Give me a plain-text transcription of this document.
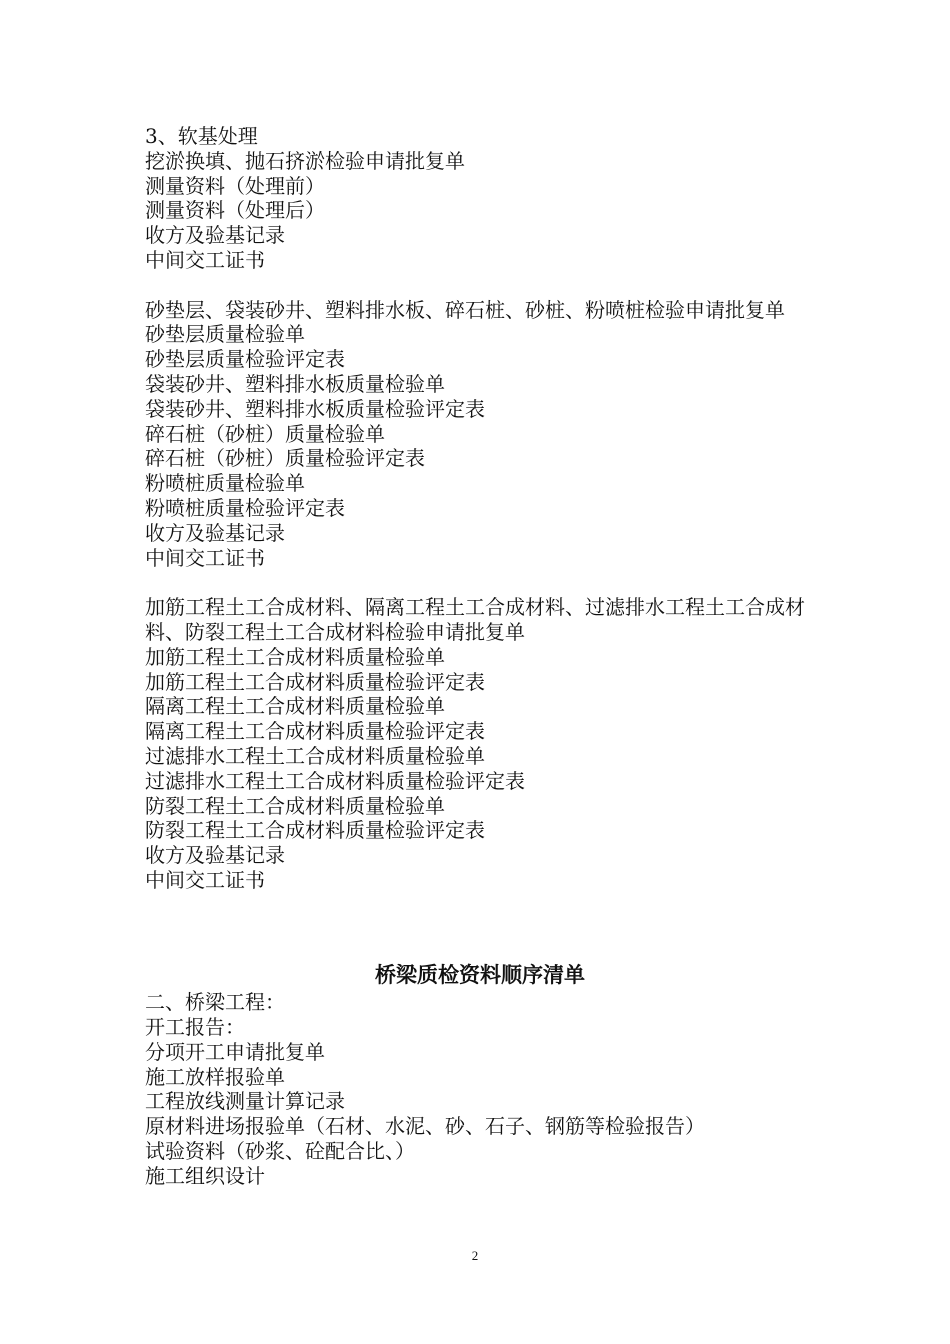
3、软基处理
挖淤换填、抛石挤淤检验申请批复单
测量资料（处理前）
测量资料（处理后）
收方及验基记录
中间交工证书
砂垫层、袋装砂井、塑料排水板、碎石桩、砂桩、粉喷桩检验申请批复单
砂垫层质量检验单
砂垫层质量检验评定表
袋装砂井、塑料排水板质量检验单
袋装砂井、塑料排水板质量检验评定表
碎石桩（砂桩）质量检验单
碎石桩（砂桩）质量检验评定表
粉喷桩质量检验单
粉喷桩质量检验评定表
收方及验基记录
中间交工证书
加筋工程土工合成材料、隔离工程土工合成材料、过滤排水工程土工合成材料、防裂工程土工合成材料检验申请批复单
加筋工程土工合成材料质量检验单
加筋工程土工合成材料质量检验评定表
隔离工程土工合成材料质量检验单
隔离工程土工合成材料质量检验评定表
过滤排水工程土工合成材料质量检验单
过滤排水工程土工合成材料质量检验评定表
防裂工程土工合成材料质量检验单
防裂工程土工合成材料质量检验评定表
收方及验基记录
中间交工证书
桥梁质检资料顺序清单
二、桥梁工程：
开工报告：
分项开工申请批复单
施工放样报验单
工程放线测量计算记录
原材料进场报验单（石材、水泥、砂、石子、钢筋等检验报告）
试验资料（砂浆、砼配合比、）
施工组织设计
2
